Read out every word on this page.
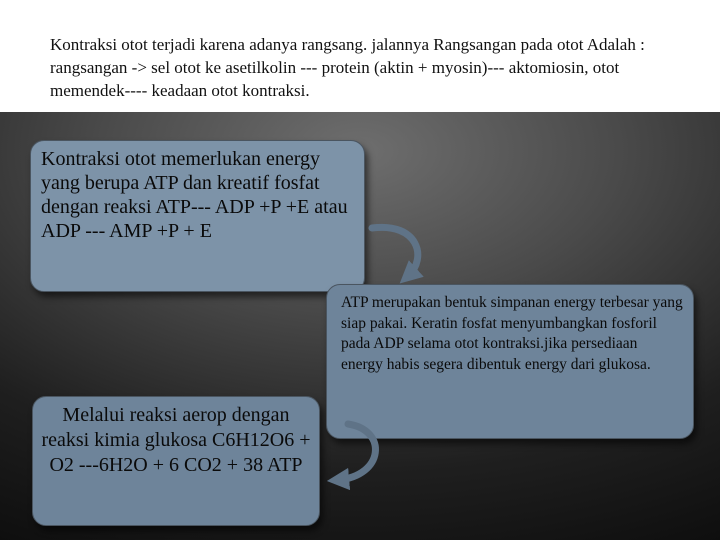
Kontraksi otot terjadi karena adanya rangsang. jalannya Rangsangan pada otot Adalah : rangsangan -> sel otot ke asetilkolin --- protein (aktin + myosin)--- aktomiosin, otot memendek---- keadaan otot kontraksi.
Kontraksi otot memerlukan energy yang berupa ATP dan kreatif fosfat dengan reaksi ATP--- ADP +P +E atau ADP --- AMP +P + E
Melalui reaksi aerop dengan reaksi kimia glukosa C6H12O6 + O2 ---6H2O + 6 CO2 + 38 ATP
ATP merupakan bentuk simpanan energy terbesar yang siap pakai. Keratin fosfat menyumbangkan fosforil pada ADP selama otot kontraksi.jika persediaan energy habis segera dibentuk energy dari glukosa.
